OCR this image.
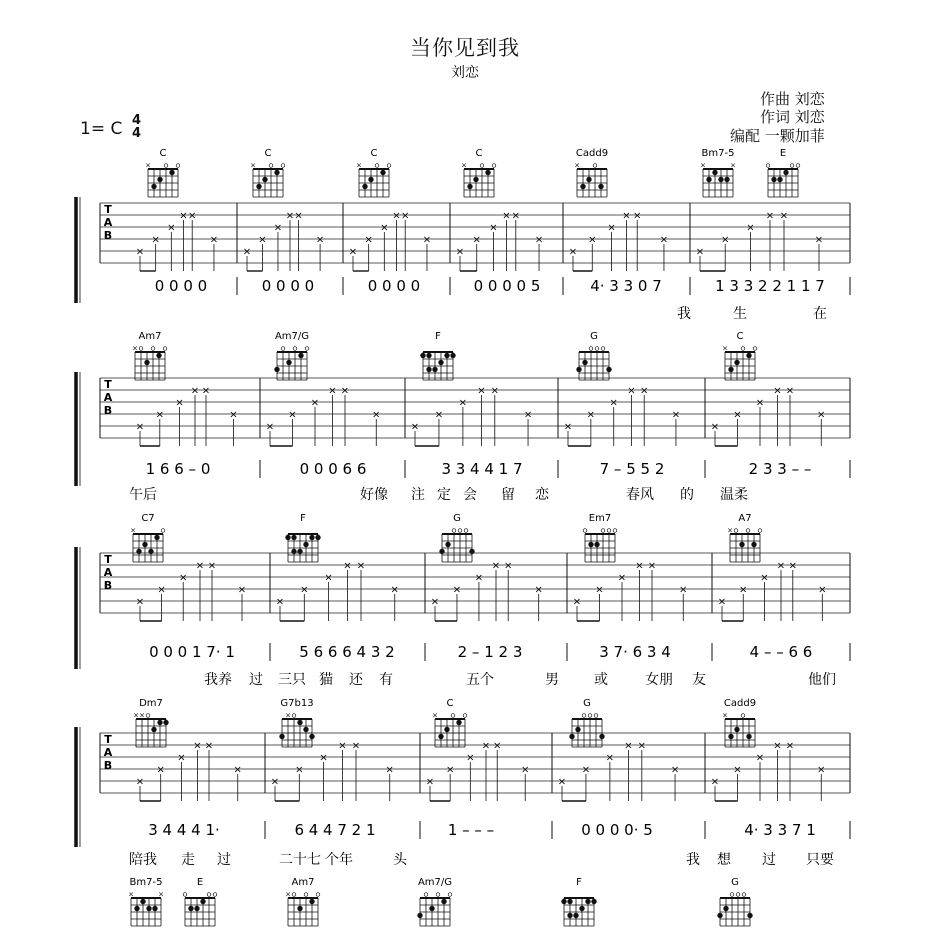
当你见到我
刘恋
作曲 刘恋
作词 刘恋
编配 一颗加菲
1= C 4
4
C
×
C
×
C
×
C
×
Cadd9
×
Bm7-5
×	×
E
T
A
B
×
×
×
× ×
×
×
×
×
× ×
×
×
×
×
× ×
×
×
×
×
× ×
×
×
×
×
× ×
×
×
×
×
× ×
×
0 0 0 0	0 0 0 0	0 0 0 0	0 0 0 0 5	4· 3 3 0 7	1 3 3 2 2 1 1 7
我	生	在
Am7
×
Am7/G	F	G	C
×
T
A
B
×
×
×
× ×
×
×
×
×
× ×
×
×
×
×
× ×
×
×
×
×
× ×
×
×
×
×
× ×
×
1 6 6 – 0	0 0 0 6 6	3 3 4 4 1 7	7 – 5 5 2	2 3 3 – –
午后	好像 注 定 会 留 恋	春风 的 温柔
C7
×
F	G	Em7	A7
×
T
A
B
×
×
×
× ×
×
×
×
×
× ×
×
×
×
×
× ×
×
×
×
×
× ×
×
×
×
×
× ×
×
0 0 0 1 7· 1	5 6 6 6 4 3 2	2 – 1 2 3	3 7· 6 3 4	4 – – 6 6
我养 过 三只 猫 还 有	五个	男	或	女朋 友	他们
Dm7
× ×
G7b13
×
C
×
G	Cadd9
×
T
A
B
×
×
×
× ×
×
×
×
×
× ×
×
×
×
×
× ×
×
×
×
×
× ×
×
×
×
×
× ×
×
3 4 4 4 1·	6 4 4 7 2 1	1 – – –	0 0 0 0· 5	4· 3 3 7 1
陪我 走 过	二十七 个年	头	我 想 过 只要
Bm7-5
×	×
E	Am7
×
Am7/G	F	G
